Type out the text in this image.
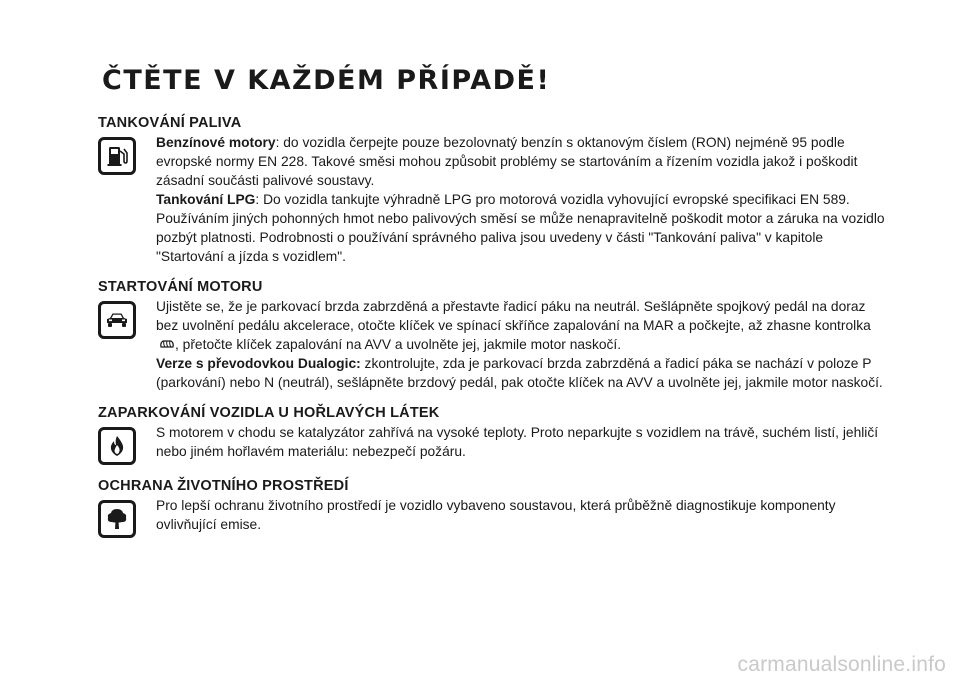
ČTĚTE V KAŽDÉM PŘÍPADĚ!
TANKOVÁNÍ PALIVA

Benzínové motory: do vozidla čerpejte pouze bezolovnatý benzín s oktanovým číslem (RON) nejméně 95 podle evropské normy EN 228. Takové směsi mohou způsobit problémy se startováním a řízením vozidla jakož i poškodit zásadní součásti palivové soustavy.

Tankování LPG: Do vozidla tankujte výhradně LPG pro motorová vozidla vyhovující evropské specifikaci EN 589. Používáním jiných pohonných hmot nebo palivových směsí se může nenapravitelně poškodit motor a záruka na vozidlo pozbýt platnosti. Podrobnosti o používání správného paliva jsou uvedeny v části "Tankování paliva" v kapitole "Startování a jízda s vozidlem".

STARTOVÁNÍ MOTORU

Ujistěte se, že je parkovací brzda zabrzděná a přestavte řadicí páku na neutrál. Sešlápněte spojkový pedál na doraz bez uvolnění pedálu akcelerace, otočte klíček ve spínací skříňce zapalování na MAR a počkejte, až zhasne kontrolka, přetočte klíček zapalování na AVV a uvolněte jej, jakmile motor naskočí.

Verze s převodovkou Dualogic: zkontrolujte, zda je parkovací brzda zabrzděná a řadicí páka se nachází v poloze P (parkování) nebo N (neutrál), sešlápněte brzdový pedál, pak otočte klíček na AVV a uvolněte jej, jakmile motor naskočí.

ZAPARKOVÁNÍ VOZIDLA U HOŘLAVÝCH LÁTEK

S motorem v chodu se katalyzátor zahřívá na vysoké teploty. Proto neparkujte s vozidlem na trávě, suchém listí, jehličí nebo jiném hořlavém materiálu: nebezpečí požáru.

OCHRANA ŽIVOTNÍHO PROSTŘEDÍ

Pro lepší ochranu životního prostředí je vozidlo vybaveno soustavou, která průběžně diagnostikuje komponenty ovlivňující emise.

carmanualsonline.info
